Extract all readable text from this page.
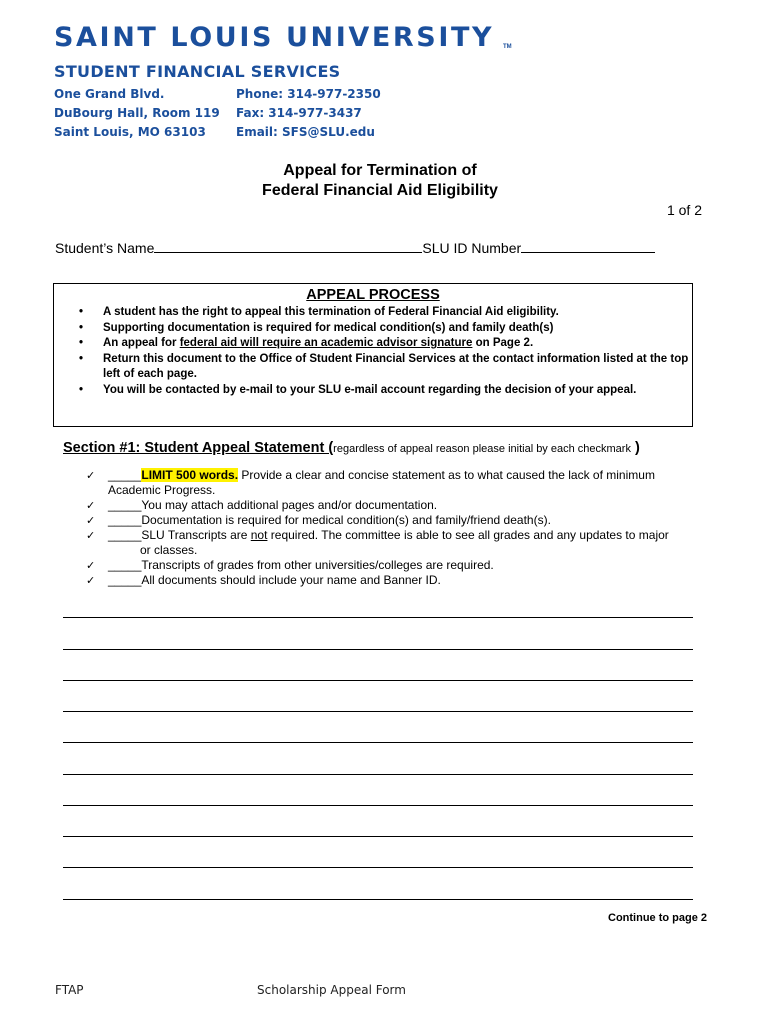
SAINT LOUIS UNIVERSITY TM
STUDENT FINANCIAL SERVICES
One Grand Blvd.
DuBourg Hall, Room 119
Saint Louis, MO 63103
Phone: 314-977-2350
Fax: 314-977-3437
Email: SFS@SLU.edu
Appeal for Termination of
Federal Financial Aid Eligibility
1 of 2
Student’s Name	SLU ID Number
APPEAL PROCESS
• A student has the right to appeal this termination of Federal Financial Aid eligibility.
• Supporting documentation is required for medical condition(s) and family death(s)
• An appeal for federal aid will require an academic advisor signature on Page 2.
• Return this document to the Office of Student Financial Services at the contact information listed at the top left of each page.
• You will be contacted by e-mail to your SLU e-mail account regarding the decision of your appeal.
Section #1: Student Appeal Statement (regardless of appeal reason please initial by each checkmark )
✓ _____LIMIT 500 words. Provide a clear and concise statement as to what caused the lack of minimum
Academic Progress.
✓ _____You may attach additional pages and/or documentation.
✓ _____Documentation is required for medical condition(s) and family/friend death(s).
✓ _____SLU Transcripts are not required. The committee is able to see all grades and any updates to major
or classes.
✓ _____Transcripts of grades from other universities/colleges are required.
✓ _____All documents should include your name and Banner ID.
Continue to page 2
FTAP	Scholarship Appeal Form
